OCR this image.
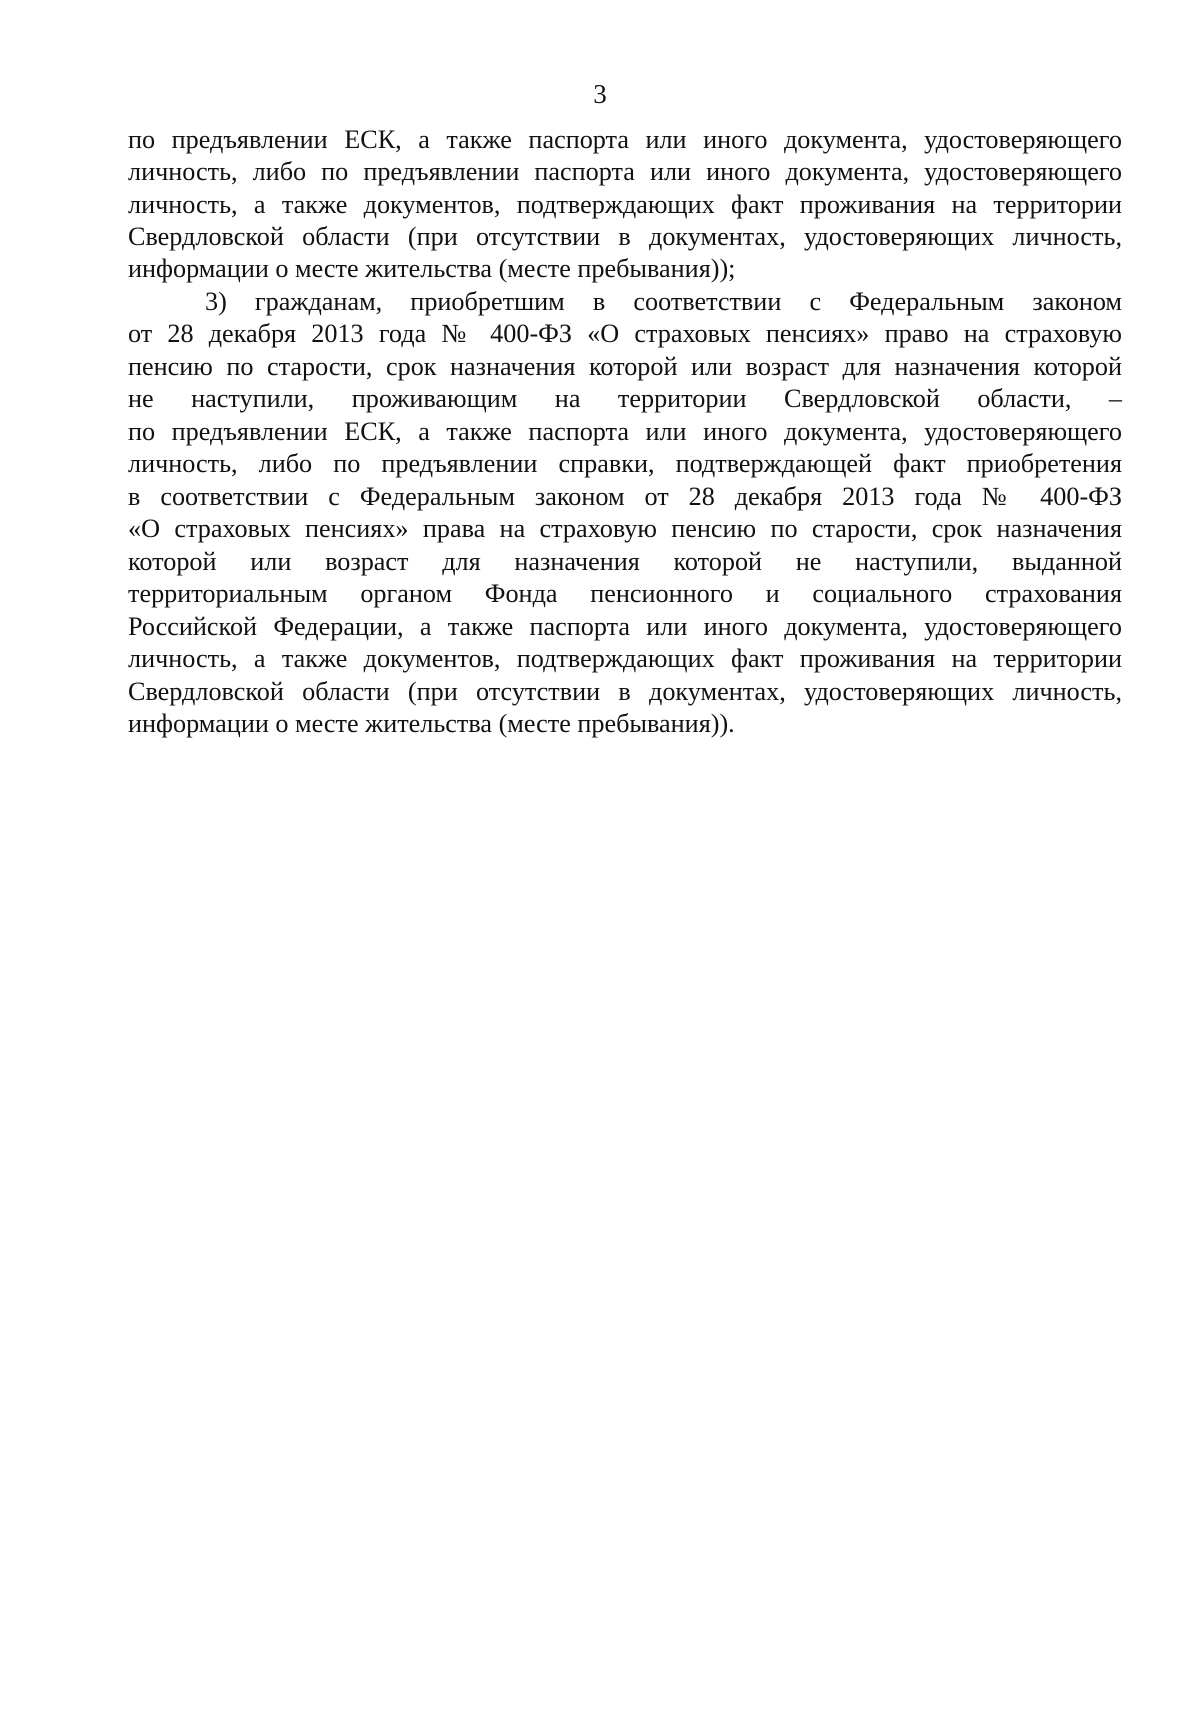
3
по предъявлении ЕСК, а также паспорта или иного документа, удостоверяющего
личность, либо по предъявлении паспорта или иного документа, удостоверяющего
личность, а также документов, подтверждающих факт проживания на территории
Свердловской области (при отсутствии в документах, удостоверяющих личность,
информации о месте жительства (месте пребывания));
3) гражданам, приобретшим в соответствии с Федеральным законом
от 28 декабря 2013 года № 400-ФЗ «О страховых пенсиях» право на страховую
пенсию по старости, срок назначения которой или возраст для назначения которой
не наступили, проживающим на территории Свердловской области, –
по предъявлении ЕСК, а также паспорта или иного документа, удостоверяющего
личность, либо по предъявлении справки, подтверждающей факт приобретения
в соответствии с Федеральным законом от 28 декабря 2013 года № 400-ФЗ
«О страховых пенсиях» права на страховую пенсию по старости, срок назначения
которой или возраст для назначения которой не наступили, выданной
территориальным органом Фонда пенсионного и социального страхования
Российской Федерации, а также паспорта или иного документа, удостоверяющего
личность, а также документов, подтверждающих факт проживания на территории
Свердловской области (при отсутствии в документах, удостоверяющих личность,
информации о месте жительства (месте пребывания)).
